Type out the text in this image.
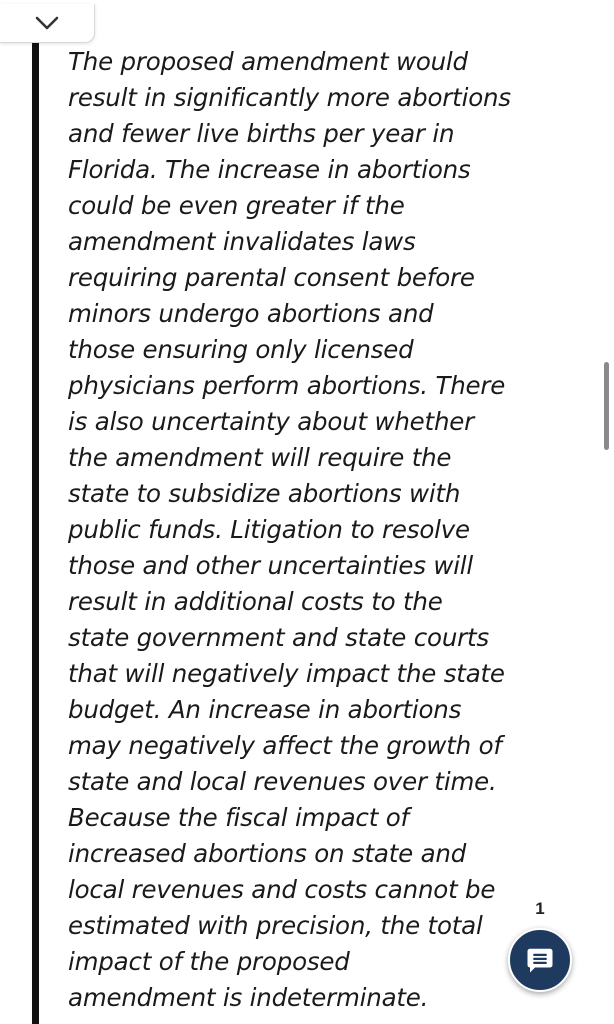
The proposed amendment would
result in significantly more abortions
and fewer live births per year in
Florida. The increase in abortions
could be even greater if the
amendment invalidates laws
requiring parental consent before
minors undergo abortions and
those ensuring only licensed
physicians perform abortions. There
is also uncertainty about whether
the amendment will require the
state to subsidize abortions with
public funds. Litigation to resolve
those and other uncertainties will
result in additional costs to the
state government and state courts
that will negatively impact the state
budget. An increase in abortions
may negatively affect the growth of
state and local revenues over time.
Because the fiscal impact of
increased abortions on state and
local revenues and costs cannot be
estimated with precision, the total
impact of the proposed
amendment is indeterminate.
1
